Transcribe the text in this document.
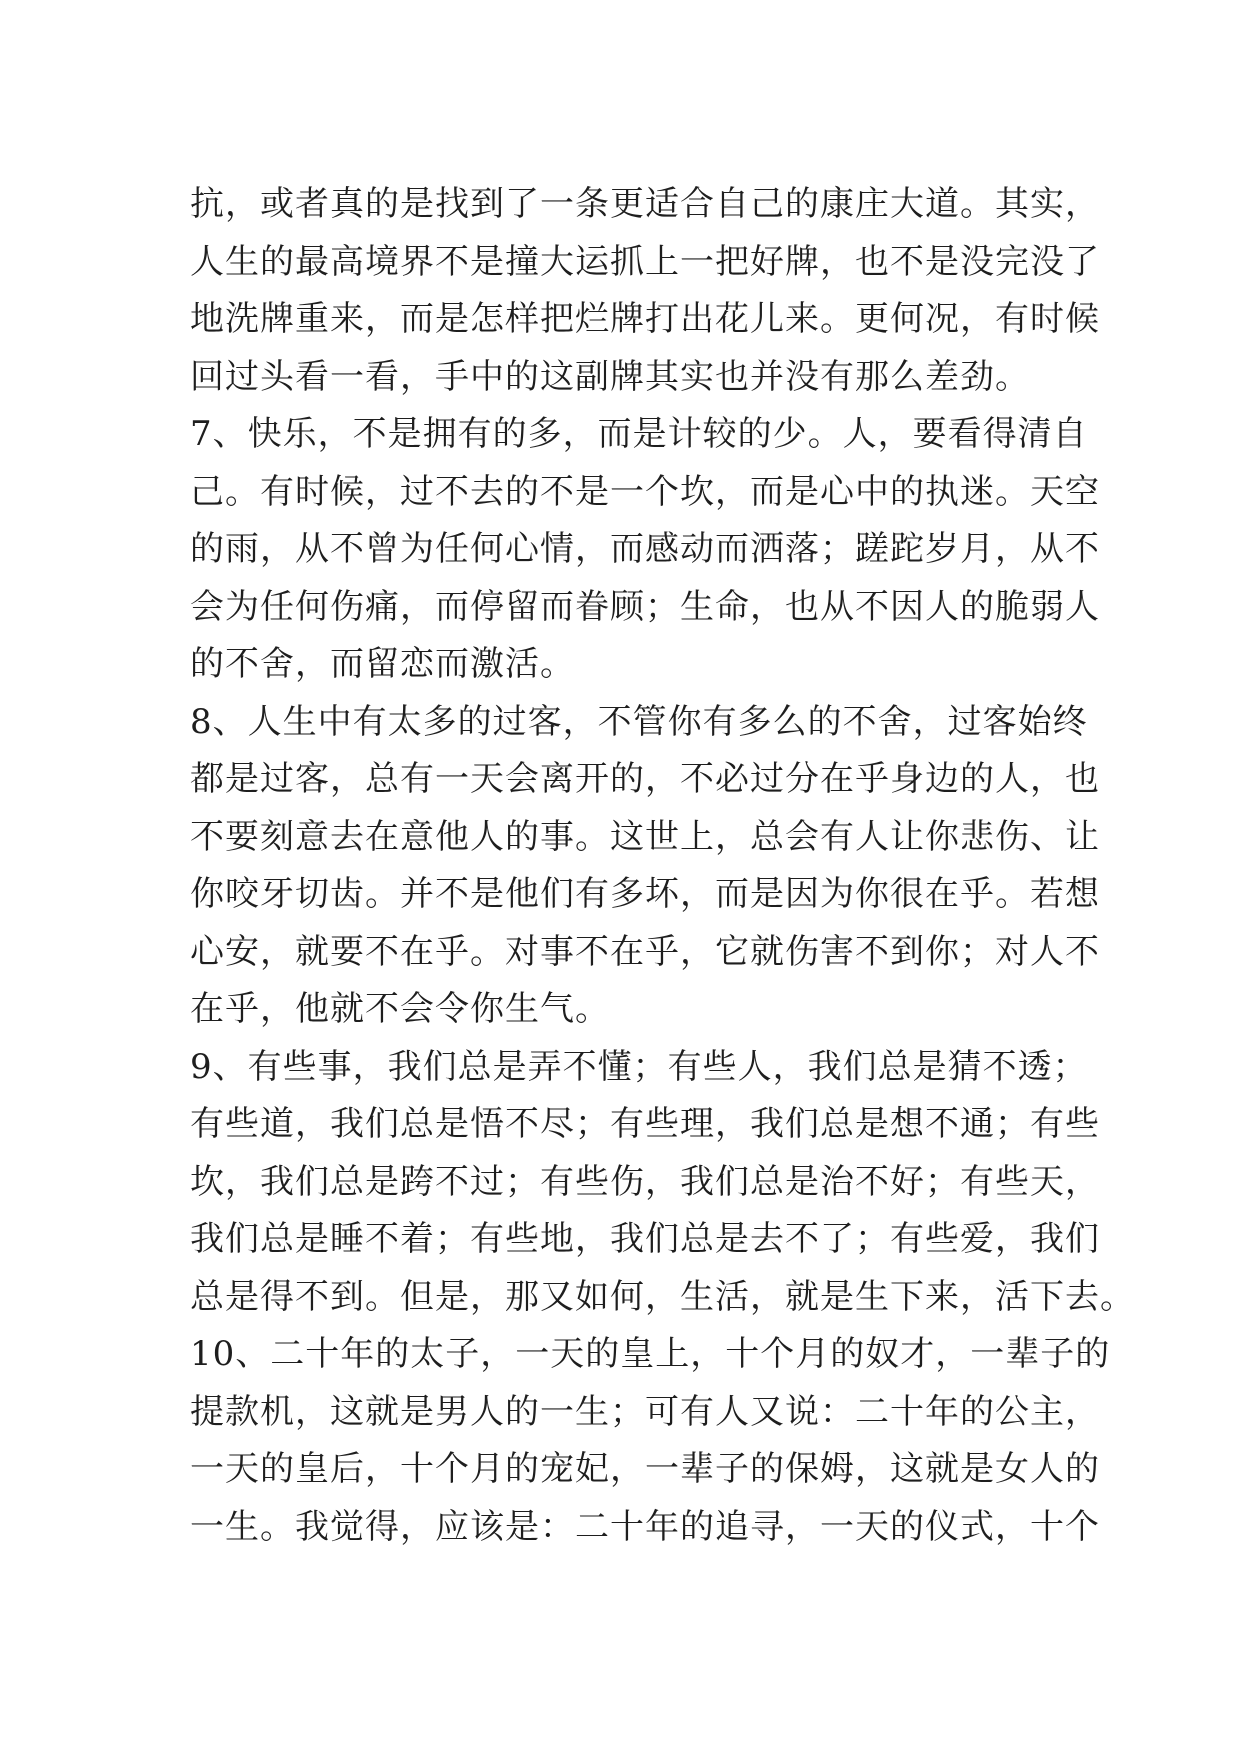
抗，或者真的是找到了一条更适合自己的康庄大道。其实，
人生的最高境界不是撞大运抓上一把好牌，也不是没完没了
地洗牌重来，而是怎样把烂牌打出花儿来。更何况，有时候
回过头看一看，手中的这副牌其实也并没有那么差劲。
7、快乐，不是拥有的多，而是计较的少。人，要看得清自
己。有时候，过不去的不是一个坎，而是心中的执迷。天空
的雨，从不曾为任何心情，而感动而洒落；蹉跎岁月，从不
会为任何伤痛，而停留而眷顾；生命，也从不因人的脆弱人
的不舍，而留恋而激活。
8、人生中有太多的过客，不管你有多么的不舍，过客始终
都是过客，总有一天会离开的，不必过分在乎身边的人，也
不要刻意去在意他人的事。这世上，总会有人让你悲伤、让
你咬牙切齿。并不是他们有多坏，而是因为你很在乎。若想
心安，就要不在乎。对事不在乎，它就伤害不到你；对人不
在乎，他就不会令你生气。
9、有些事，我们总是弄不懂；有些人，我们总是猜不透；
有些道，我们总是悟不尽；有些理，我们总是想不通；有些
坎，我们总是跨不过；有些伤，我们总是治不好；有些天，
我们总是睡不着；有些地，我们总是去不了；有些爱，我们
总是得不到。但是，那又如何，生活，就是生下来，活下去。
10、二十年的太子，一天的皇上，十个月的奴才，一辈子的
提款机，这就是男人的一生；可有人又说：二十年的公主，
一天的皇后，十个月的宠妃，一辈子的保姆，这就是女人的
一生。我觉得，应该是：二十年的追寻，一天的仪式，十个
